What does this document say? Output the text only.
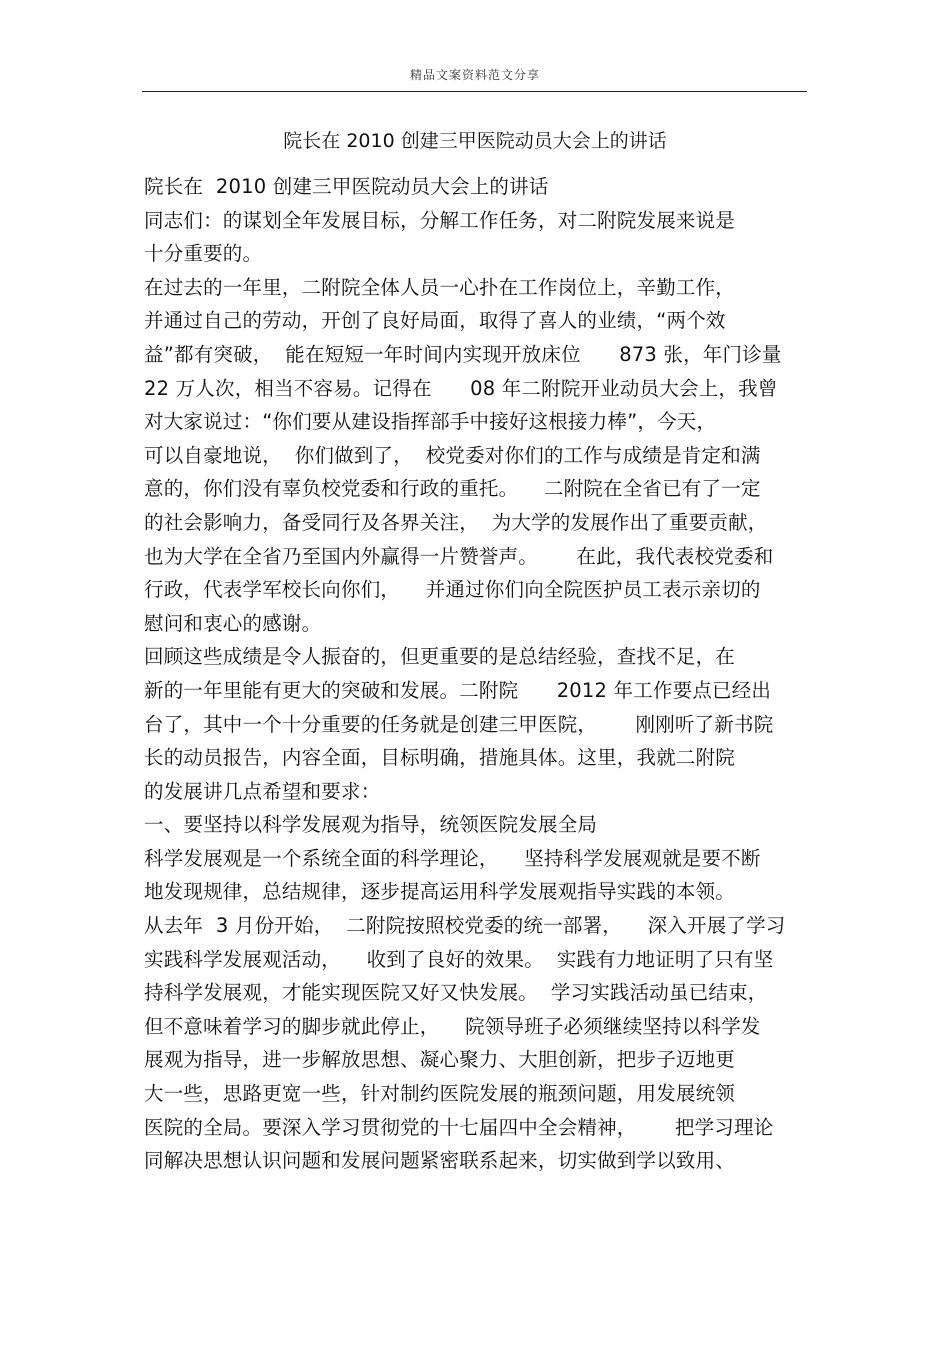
精品文案资料范文分享
院长在 2010 创建三甲医院动员大会上的讲话
院长在  2010 创建三甲医院动员大会上的讲话
同志们：的谋划全年发展目标，分解工作任务，对二附院发展来说是
十分重要的。
在过去的一年里，二附院全体人员一心扑在工作岗位上，辛勤工作，
并通过自己的劳动，开创了良好局面，取得了喜人的业绩，“两个效
益”都有突破，  能在短短一年时间内实现开放床位      873 张，年门诊量
22 万人次，相当不容易。记得在      08 年二附院开业动员大会上，我曾
对大家说过：“你们要从建设指挥部手中接好这根接力棒”，今天，
可以自豪地说，  你们做到了，  校党委对你们的工作与成绩是肯定和满
意的，你们没有辜负校党委和行政的重托。    二附院在全省已有了一定
的社会影响力，备受同行及各界关注，  为大学的发展作出了重要贡献，
也为大学在全省乃至国内外赢得一片赞誉声。      在此，我代表校党委和
行政，代表学军校长向你们，    并通过你们向全院医护员工表示亲切的
慰问和衷心的感谢。
回顾这些成绩是令人振奋的，但更重要的是总结经验，查找不足，在
新的一年里能有更大的突破和发展。二附院      2012 年工作要点已经出
台了，其中一个十分重要的任务就是创建三甲医院，      刚刚听了新书院
长的动员报告，内容全面，目标明确，措施具体。这里，我就二附院
的发展讲几点希望和要求：
一、要坚持以科学发展观为指导，统领医院发展全局
科学发展观是一个系统全面的科学理论，    坚持科学发展观就是要不断
地发现规律，总结规律，逐步提高运用科学发展观指导实践的本领。
从去年  3 月份开始，  二附院按照校党委的统一部署，    深入开展了学习
实践科学发展观活动，    收到了良好的效果。  实践有力地证明了只有坚
持科学发展观，才能实现医院又好又快发展。  学习实践活动虽已结束，
但不意味着学习的脚步就此停止，    院领导班子必须继续坚持以科学发
展观为指导，进一步解放思想、凝心聚力、大胆创新，把步子迈地更
大一些，思路更宽一些，针对制约医院发展的瓶颈问题，用发展统领
医院的全局。要深入学习贯彻党的十七届四中全会精神，      把学习理论
同解决思想认识问题和发展问题紧密联系起来，切实做到学以致用、
